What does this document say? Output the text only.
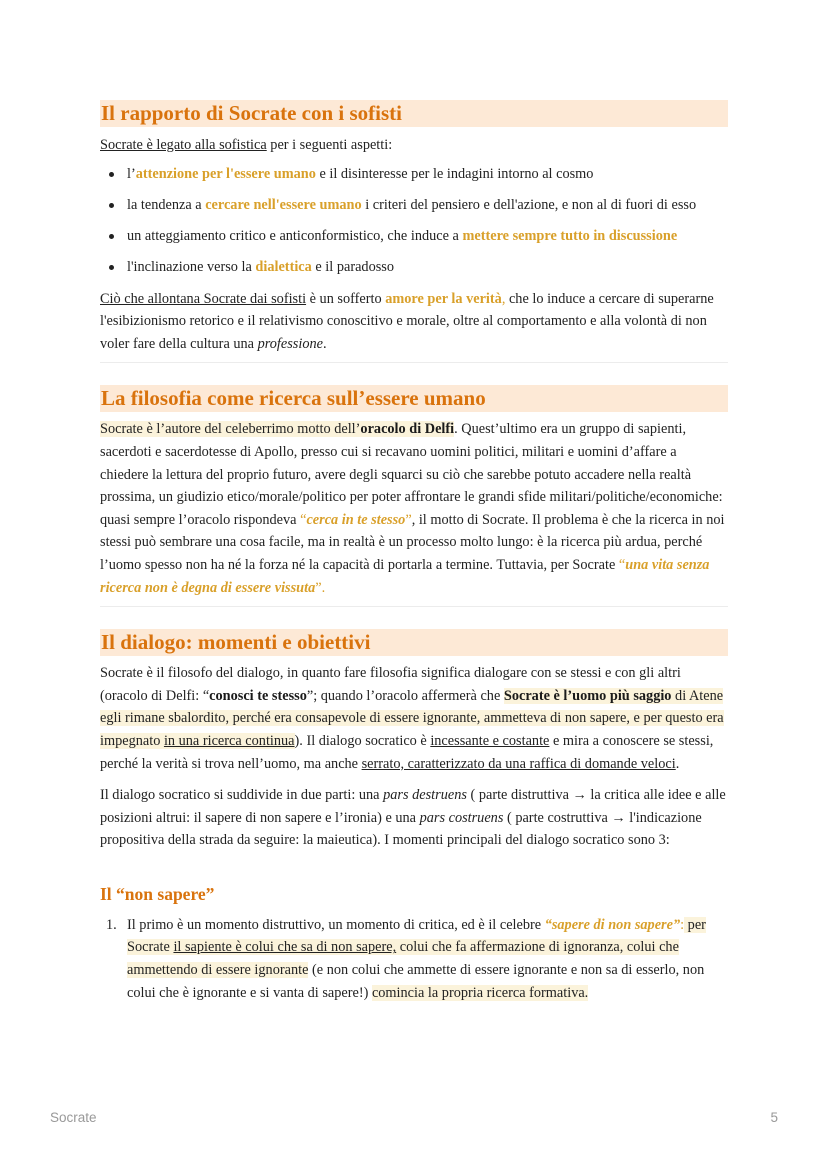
Il rapporto di Socrate con i sofisti

Socrate è legato alla sofistica per i seguenti aspetti:

l’attenzione per l'essere umano e il disinteresse per le indagini intorno al cosmo
la tendenza a cercare nell'essere umano i criteri del pensiero e dell'azione, e non al di fuori di esso
un atteggiamento critico e anticonformistico, che induce a mettere sempre tutto in discussione
l'inclinazione verso la dialettica e il paradosso

Ciò che allontana Socrate dai sofisti è un sofferto amore per la verità, che lo induce a cercare di superarne l'esibizionismo retorico e il relativismo conoscitivo e morale, oltre al comportamento e alla volontà di non voler fare della cultura una professione.

La filosofia come ricerca sull’essere umano

Socrate è l’autore del celeberrimo motto dell’oracolo di Delfi. Quest’ultimo era un gruppo di sapienti, sacerdoti e sacerdotesse di Apollo, presso cui si recavano uomini politici, militari e uomini d’affare a chiedere la lettura del proprio futuro, avere degli squarci su ciò che sarebbe potuto accadere nella realtà prossima, un giudizio etico/morale/politico per poter affrontare le grandi sfide militari/politiche/economiche: quasi sempre l’oracolo rispondeva “cerca in te stesso”, il motto di Socrate. Il problema è che la ricerca in noi stessi può sembrare una cosa facile, ma in realtà è un processo molto lungo: è la ricerca più ardua, perché l’uomo spesso non ha né la forza né la capacità di portarla a termine. Tuttavia, per Socrate “una vita senza ricerca non è degna di essere vissuta”.

Il dialogo: momenti e obiettivi

Socrate è il filosofo del dialogo, in quanto fare filosofia significa dialogare con se stessi e con gli altri (oracolo di Delfi: “conosci te stesso”; quando l’oracolo affermerà che Socrate è l’uomo più saggio di Atene egli rimane sbalordito, perché era consapevole di essere ignorante, ammetteva di non sapere, e per questo era impegnato in una ricerca continua). Il dialogo socratico è incessante e costante e mira a conoscere se stessi, perché la verità si trova nell’uomo, ma anche serrato, caratterizzato da una raffica di domande veloci.

Il dialogo socratico si suddivide in due parti: una pars destruens ( parte distruttiva → la critica alle idee e alle posizioni altrui: il sapere di non sapere e l’ironia) e una pars costruens ( parte costruttiva → l'indicazione propositiva della strada da seguire: la maieutica). I momenti principali del dialogo socratico sono 3:

Il “non sapere”
1. Il primo è un momento distruttivo, un momento di critica, ed è il celebre “sapere di non sapere”: per Socrate il sapiente è colui che sa di non sapere, colui che fa affermazione di ignoranza, colui che ammettendo di essere ignorante (e non colui che ammette di essere ignorante e non sa di esserlo, non colui che è ignorante e si vanta di sapere!) comincia la propria ricerca formativa.
Socrate	5
